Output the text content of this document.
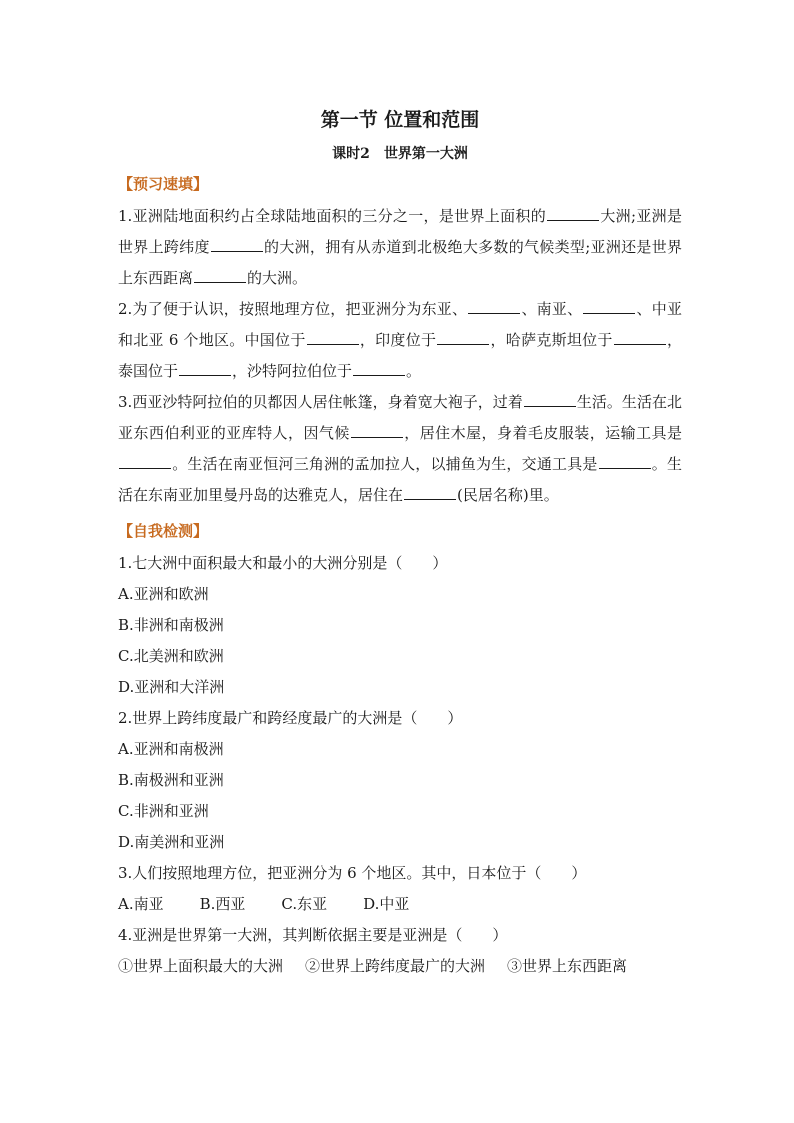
第一节 位置和范围
课时2　世界第一大洲
【预习速填】
1.亚洲陆地面积约占全球陆地面积的三分之一，是世界上面积的	大洲;亚洲是世界上跨纬度	的大洲，拥有从赤道到北极绝大多数的气候类型;亚洲还是世界上东西距离	的大洲。
2.为了便于认识，按照地理方位，把亚洲分为东亚、	、南亚、	、中亚和北亚 6 个地区。中国位于	，印度位于	，哈萨克斯坦位于	，泰国位于	，沙特阿拉伯位于	。
3.西亚沙特阿拉伯的贝都因人居住帐篷，身着宽大袍子，过着	生活。生活在北亚东西伯利亚的亚库特人，因气候	，居住木屋，身着毛皮服装，运输工具是。生活在南亚恒河三角洲的孟加拉人，以捕鱼为生，交通工具是	。生活在东南亚加里曼丹岛的达雅克人，居住在	(民居名称)里。
【自我检测】
1.七大洲中面积最大和最小的大洲分别是（　　）
A.亚洲和欧洲
B.非洲和南极洲
C.北美洲和欧洲
D.亚洲和大洋洲
2.世界上跨纬度最广和跨经度最广的大洲是（　　）
A.亚洲和南极洲
B.南极洲和亚洲
C.非洲和亚洲
D.南美洲和亚洲
3.人们按照地理方位，把亚洲分为 6 个地区。其中，日本位于（　　）
A.南亚 B.西亚 C.东亚 D.中亚
4.亚洲是世界第一大洲，其判断依据主要是亚洲是（　　）
①世界上面积最大的大洲 ②世界上跨纬度最广的大洲 ③世界上东西距离
